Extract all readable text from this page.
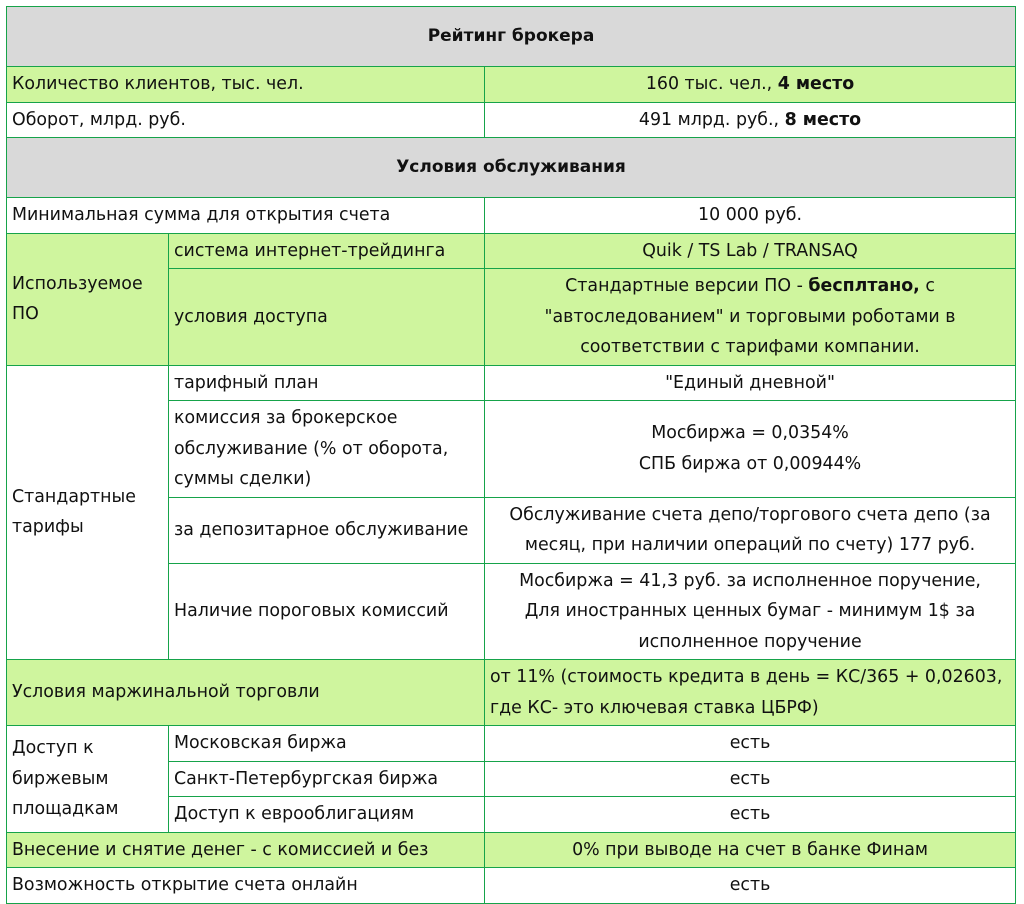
Рейтинг брокера		
Количество клиентов, тыс. чел.		160 тыс. чел., 4 место
Оборот, млрд. руб.		491 млрд. руб., 8 место
Условия обслуживания		
Минимальная сумма для открытия счета		10 000 руб.
Используемое ПО	система интернет-трейдинга	Quik / TS Lab / TRANSAQ
	условия доступа	Стандартные версии ПО - бесплтано, с "автоследованием" и торговыми роботами в соответствии с тарифами компании.
Стандартные тарифы	тарифный план	"Единый дневной"
	комиссия за брокерское обслуживание (% от оборота, суммы сделки)	Мосбиржа = 0,0354%
СПБ биржа от 0,00944%

	за депозитарное обслуживание	Обслуживание счета депо/торгового счета депо (за месяц, при наличии операций по счету) 177 руб.
	Наличие пороговых комиссий	Мосбиржа = 41,3 руб. за исполненное поручение,
Для иностранных ценных бумаг - минимум 1$ за исполненное поручение

Условия маржинальной торговли		от 11% (стоимость кредита в день = КС/365 + 0,02603, где КС- это ключевая ставка ЦБРФ)
Доступ к биржевым площадкам	Московская биржа	есть
	Санкт-Петербургская биржа	есть
	Доступ к еврооблигациям	есть
Внесение и снятие денег - с комиссией и без		0% при выводе на счет в банке Финам
Возможность открытие счета онлайн		есть
